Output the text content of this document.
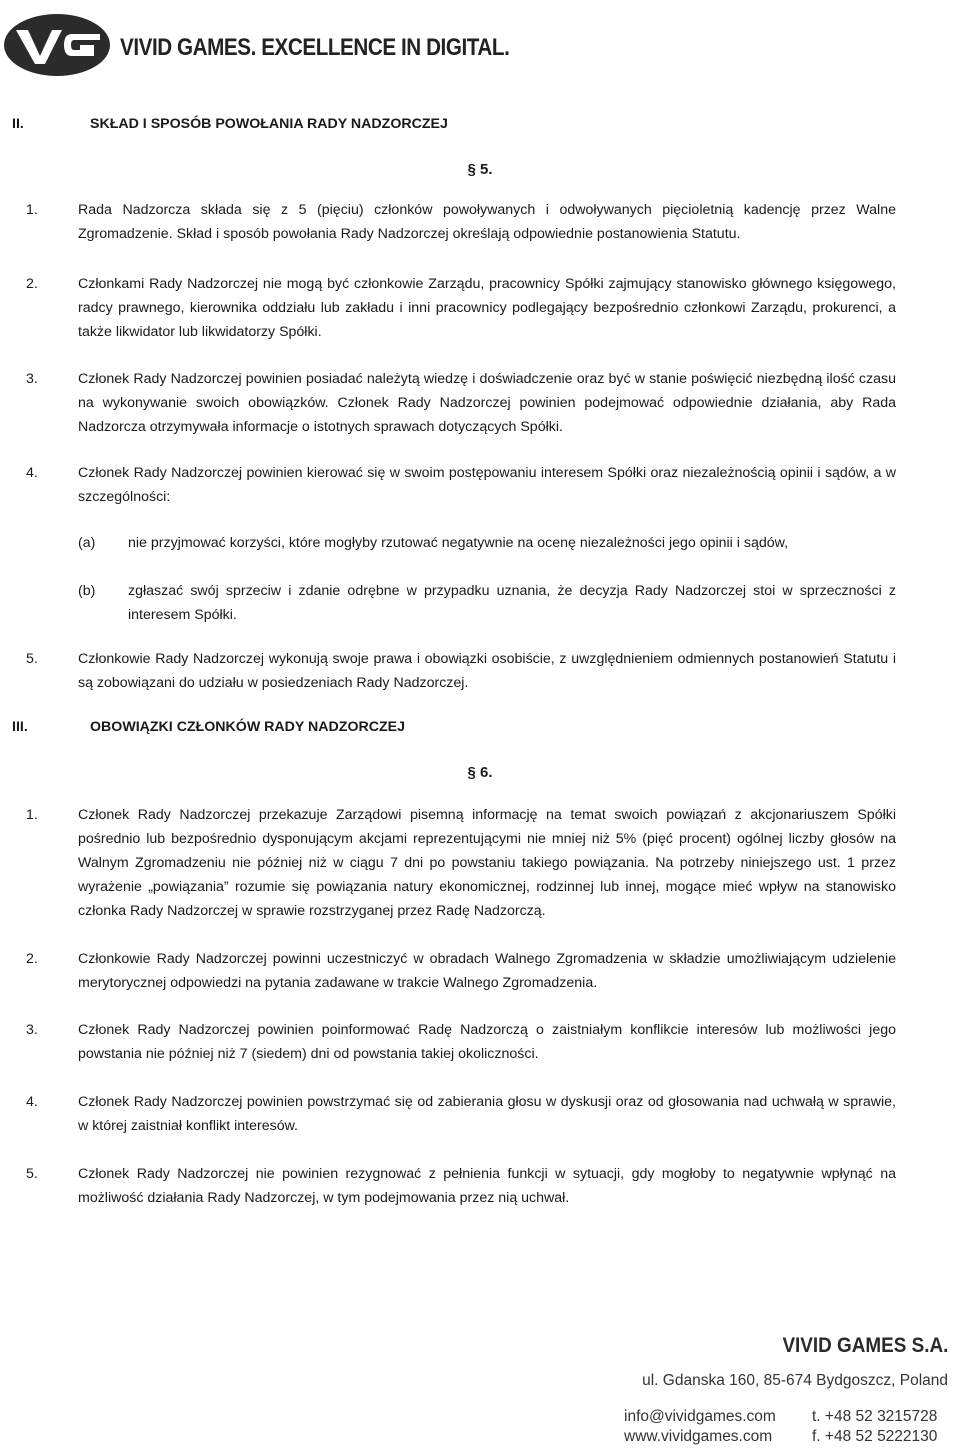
VIVID GAMES. EXCELLENCE IN DIGITAL.
II.	SKŁAD I SPOSÓB POWOŁANIA RADY NADZORCZEJ
§ 5.
1.	Rada Nadzorcza składa się z 5 (pięciu) członków powoływanych i odwoływanych pięcioletnią kadencję przez Walne Zgromadzenie. Skład i sposób powołania Rady Nadzorczej określają odpowiednie postanowienia Statutu.
2.	Członkami Rady Nadzorczej nie mogą być członkowie Zarządu, pracownicy Spółki zajmujący stanowisko głównego księgowego, radcy prawnego, kierownika oddziału lub zakładu i inni pracownicy podlegający bezpośrednio członkowi Zarządu, prokurenci, a także likwidator lub likwidatorzy Spółki.
3.	Członek Rady Nadzorczej powinien posiadać należytą wiedzę i doświadczenie oraz być w stanie poświęcić niezbędną ilość czasu na wykonywanie swoich obowiązków. Członek Rady Nadzorczej powinien podejmować odpowiednie działania, aby Rada Nadzorcza otrzymywała informacje o istotnych sprawach dotyczących Spółki.
4.	Członek Rady Nadzorczej powinien kierować się w swoim postępowaniu interesem Spółki oraz niezależnością opinii i sądów, a w szczególności:
(a)	nie przyjmować korzyści, które mogłyby rzutować negatywnie na ocenę niezależności jego opinii i sądów,
(b)	zgłaszać swój sprzeciw i zdanie odrębne w przypadku uznania, że decyzja Rady Nadzorczej stoi w sprzeczności z interesem Spółki.
5.	Członkowie Rady Nadzorczej wykonują swoje prawa i obowiązki osobiście, z uwzględnieniem odmiennych postanowień Statutu i są zobowiązani do udziału w posiedzeniach Rady Nadzorczej.
III.	OBOWIĄZKI CZŁONKÓW RADY NADZORCZEJ
§ 6.
1.	Członek Rady Nadzorczej przekazuje Zarządowi pisemną informację na temat swoich powiązań z akcjonariuszem Spółki pośrednio lub bezpośrednio dysponującym akcjami reprezentującymi nie mniej niż 5% (pięć procent) ogólnej liczby głosów na Walnym Zgromadzeniu nie później niż w ciągu 7 dni po powstaniu takiego powiązania. Na potrzeby niniejszego ust. 1 przez wyrażenie „powiązania” rozumie się powiązania natury ekonomicznej, rodzinnej lub innej, mogące mieć wpływ na stanowisko członka Rady Nadzorczej w sprawie rozstrzyganej przez Radę Nadzorczą.
2.	Członkowie Rady Nadzorczej powinni uczestniczyć w obradach Walnego Zgromadzenia w składzie umożliwiającym udzielenie merytorycznej odpowiedzi na pytania zadawane w trakcie Walnego Zgromadzenia.
3.	Członek Rady Nadzorczej powinien poinformować Radę Nadzorczą o zaistniałym konflikcie interesów lub możliwości jego powstania nie później niż 7 (siedem) dni od powstania takiej okoliczności.
4.	Członek Rady Nadzorczej powinien powstrzymać się od zabierania głosu w dyskusji oraz od głosowania nad uchwałą w sprawie, w której zaistniał konflikt interesów.
5.	Członek Rady Nadzorczej nie powinien rezygnować z pełnienia funkcji w sytuacji, gdy mogłoby to negatywnie wpłynąć na możliwość działania Rady Nadzorczej, w tym podejmowania przez nią uchwał.
VIVID GAMES S.A.
ul. Gdanska 160, 85-674 Bydgoszcz, Poland
info@vividgames.com
www.vividgames.com
t. +48 52 3215728
f. +48 52 5222130
